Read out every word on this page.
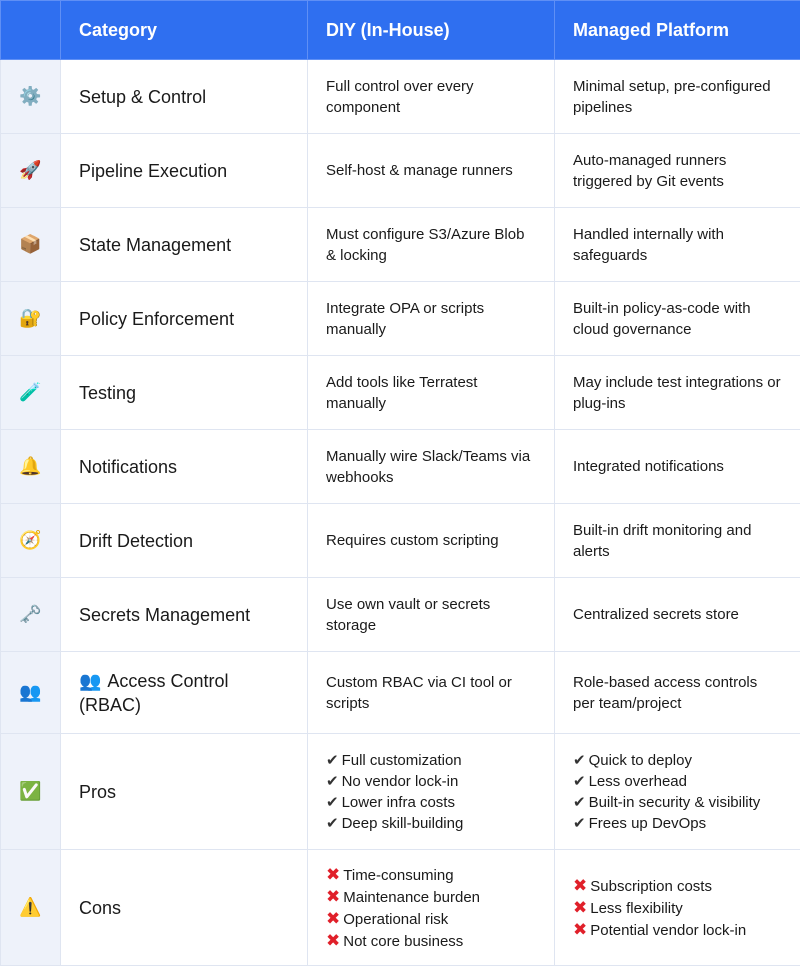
	Category	DIY (In-House)	Managed Platform
⚙️	Setup & Control	Full control over every component	Minimal setup, pre-configured pipelines
🚀	Pipeline Execution	Self-host & manage runners	Auto-managed runners triggered by Git events
📦	State Management	Must configure S3/Azure Blob & locking	Handled internally with safeguards
🔐	Policy Enforcement	Integrate OPA or scripts manually	Built-in policy-as-code with cloud governance
🧪	Testing	Add tools like Terratest manually	May include test integrations or plug-ins
🔔	Notifications	Manually wire Slack/Teams via webhooks	Integrated notifications
🧭	Drift Detection	Requires custom scripting	Built-in drift monitoring and alerts
🗝️	Secrets Management	Use own vault or secrets storage	Centralized secrets store
👥	👥 Access Control (RBAC)	Custom RBAC via CI tool or scripts	Role-based access controls per team/project
✅	Pros	✔ Full customization
✔ No vendor lock-in
✔ Lower infra costs
✔ Deep skill-building	✔ Quick to deploy
✔ Less overhead
✔ Built-in security & visibility
✔ Frees up DevOps

⚠️	Cons	✖ Time-consuming
✖ Maintenance burden
✖ Operational risk
✖ Not core business	✖ Subscription costs
✖ Less flexibility
✖ Potential vendor lock-in
